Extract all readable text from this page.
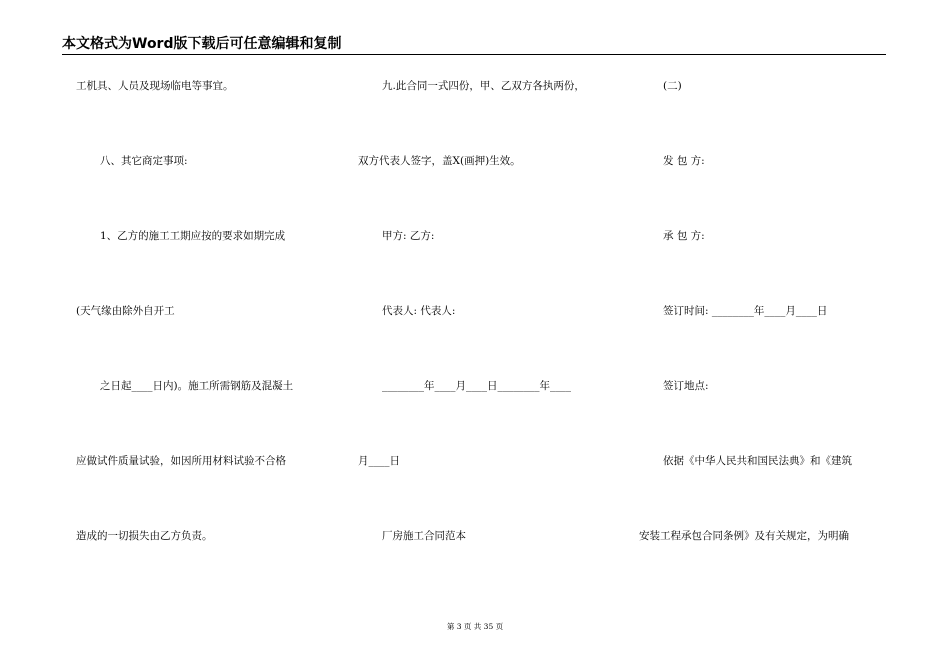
本文格式为Word版下载后可任意编辑和复制
工机具、人员及现场临电等事宜。
八、其它商定事项:
1、乙方的施工工期应按的要求如期完成
(天气缘由除外自开工
之日起____日内)。施工所需钢筋及混凝土
应做试件质量试验，如因所用材料试验不合格
造成的一切损失由乙方负责。
九.此合同一式四份，甲、乙双方各执两份，
双方代表人签字，盖X(画押)生效。
甲方: 乙方:
代表人: 代表人:
________年____月____日________年____
月____日
厂房施工合同范本
(二)
发 包 方:
承 包 方:
签订时间: ________年____月____日
签订地点:
依据《中华人民共和国民法典》和《建筑
安装工程承包合同条例》及有关规定，为明确
第 3 页 共 35 页
